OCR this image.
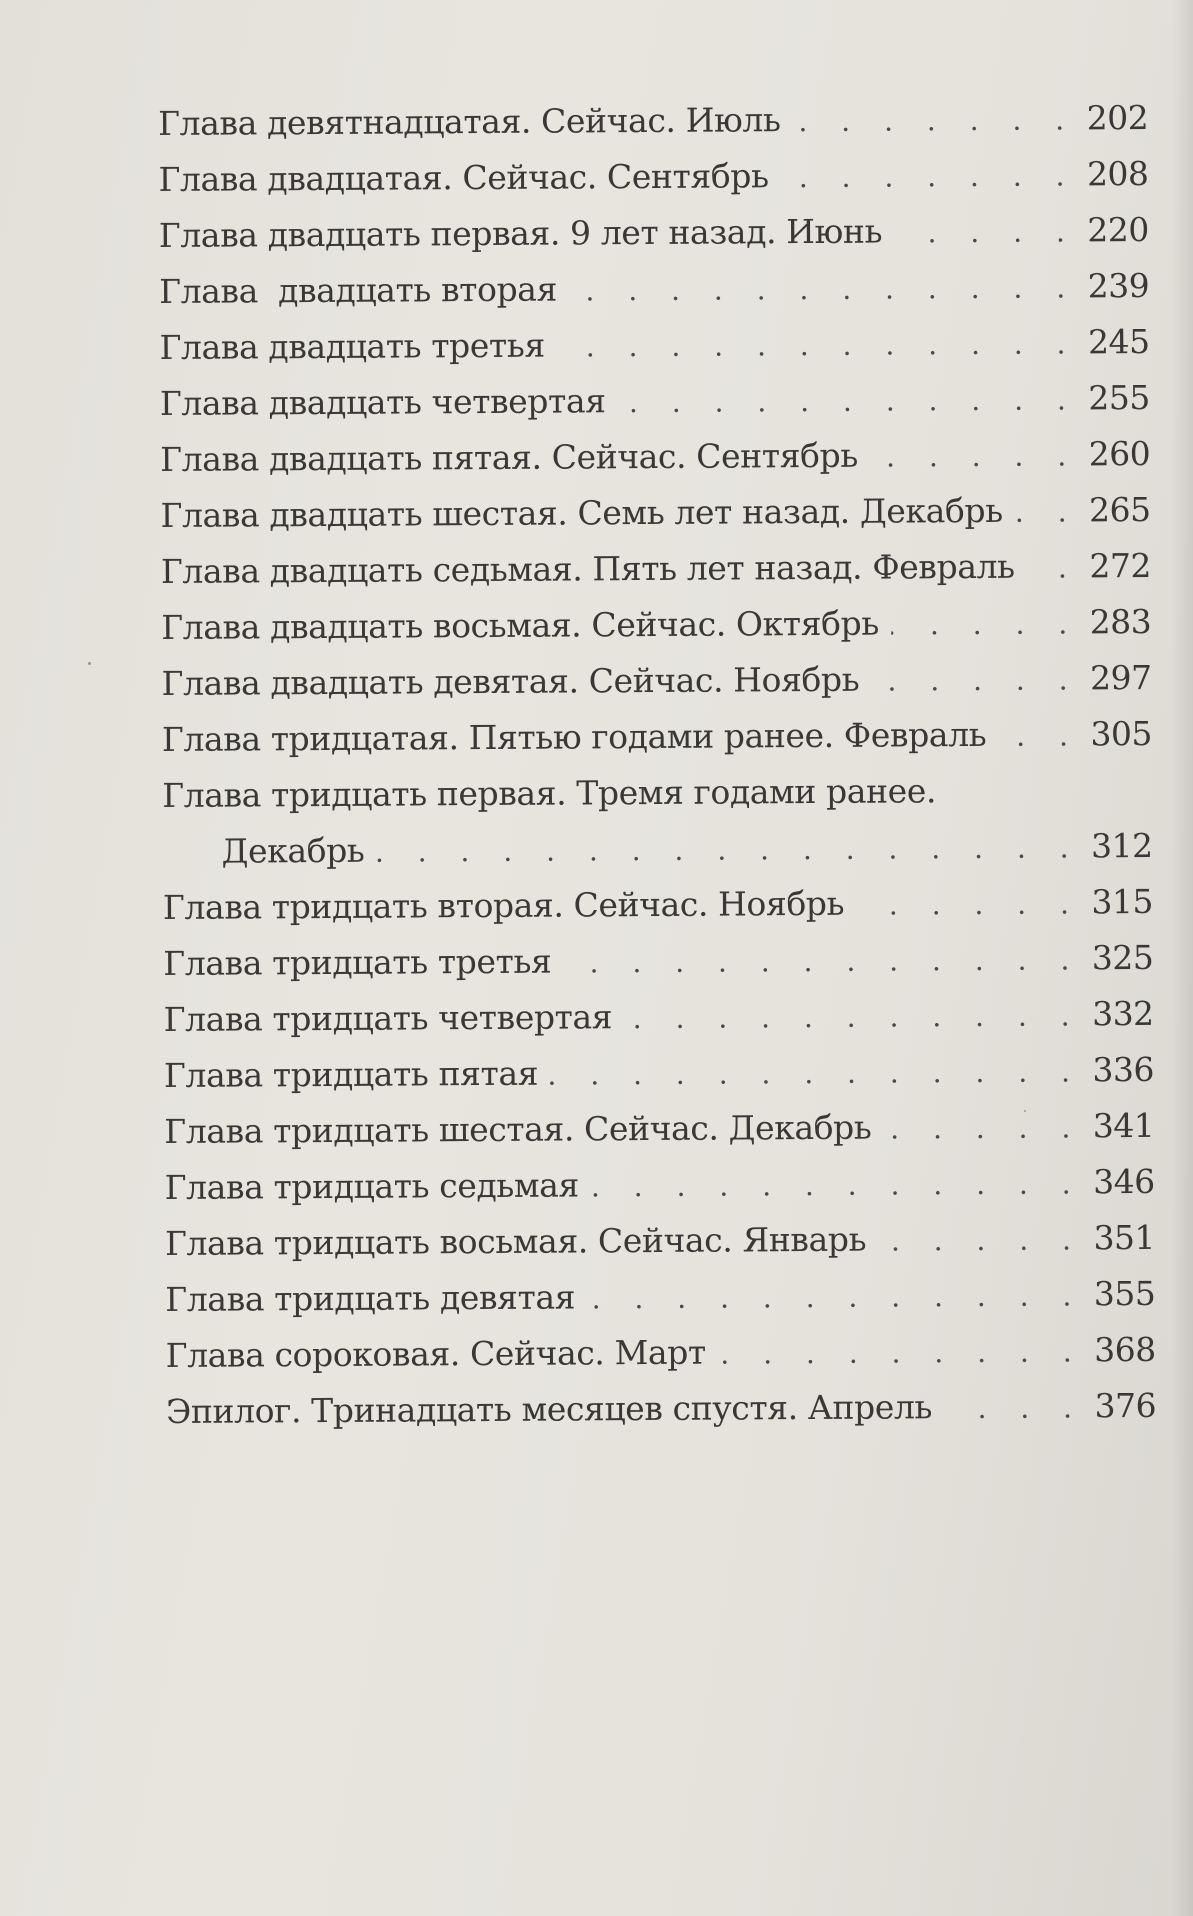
Глава девятнадцатая. Сейчас. Июль . . .	202
Глава двадцатая. Сейчас. Сентябрь . . .	208
Глава двадцать первая. 9 лет назад. Июнь . . .	220
Глава  двадцать вторая . . .	239
Глава двадцать третья . . .	245
Глава двадцать четвертая . . .	255
Глава двадцать пятая. Сейчас. Сентябрь . . .	260
Глава двадцать шестая. Семь лет назад. Декабрь . . .	265
Глава двадцать седьмая. Пять лет назад. Февраль . . . 272
Глава двадцать восьмая. Сейчас. Октябрь . . .	283
Глава двадцать девятая. Сейчас. Ноябрь . . .	297
Глава тридцатая. Пятью годами ранее. Февраль . . .	305
Глава тридцать первая. Тремя годами ранее.
Декабрь . . .	312
Глава тридцать вторая. Сейчас. Ноябрь . . .	315
Глава тридцать третья . . .	325
Глава тридцать четвертая . . .	332
Глава тридцать пятая . . .	336
Глава тридцать шестая. Сейчас. Декабрь . . .	341
Глава тридцать седьмая . . .	346
Глава тридцать восьмая. Сейчас. Январь . . .	351
Глава тридцать девятая . . .	355
Глава сороковая. Сейчас. Март . . .	368
Эпилог. Тринадцать месяцев спустя. Апрель . . .	376
